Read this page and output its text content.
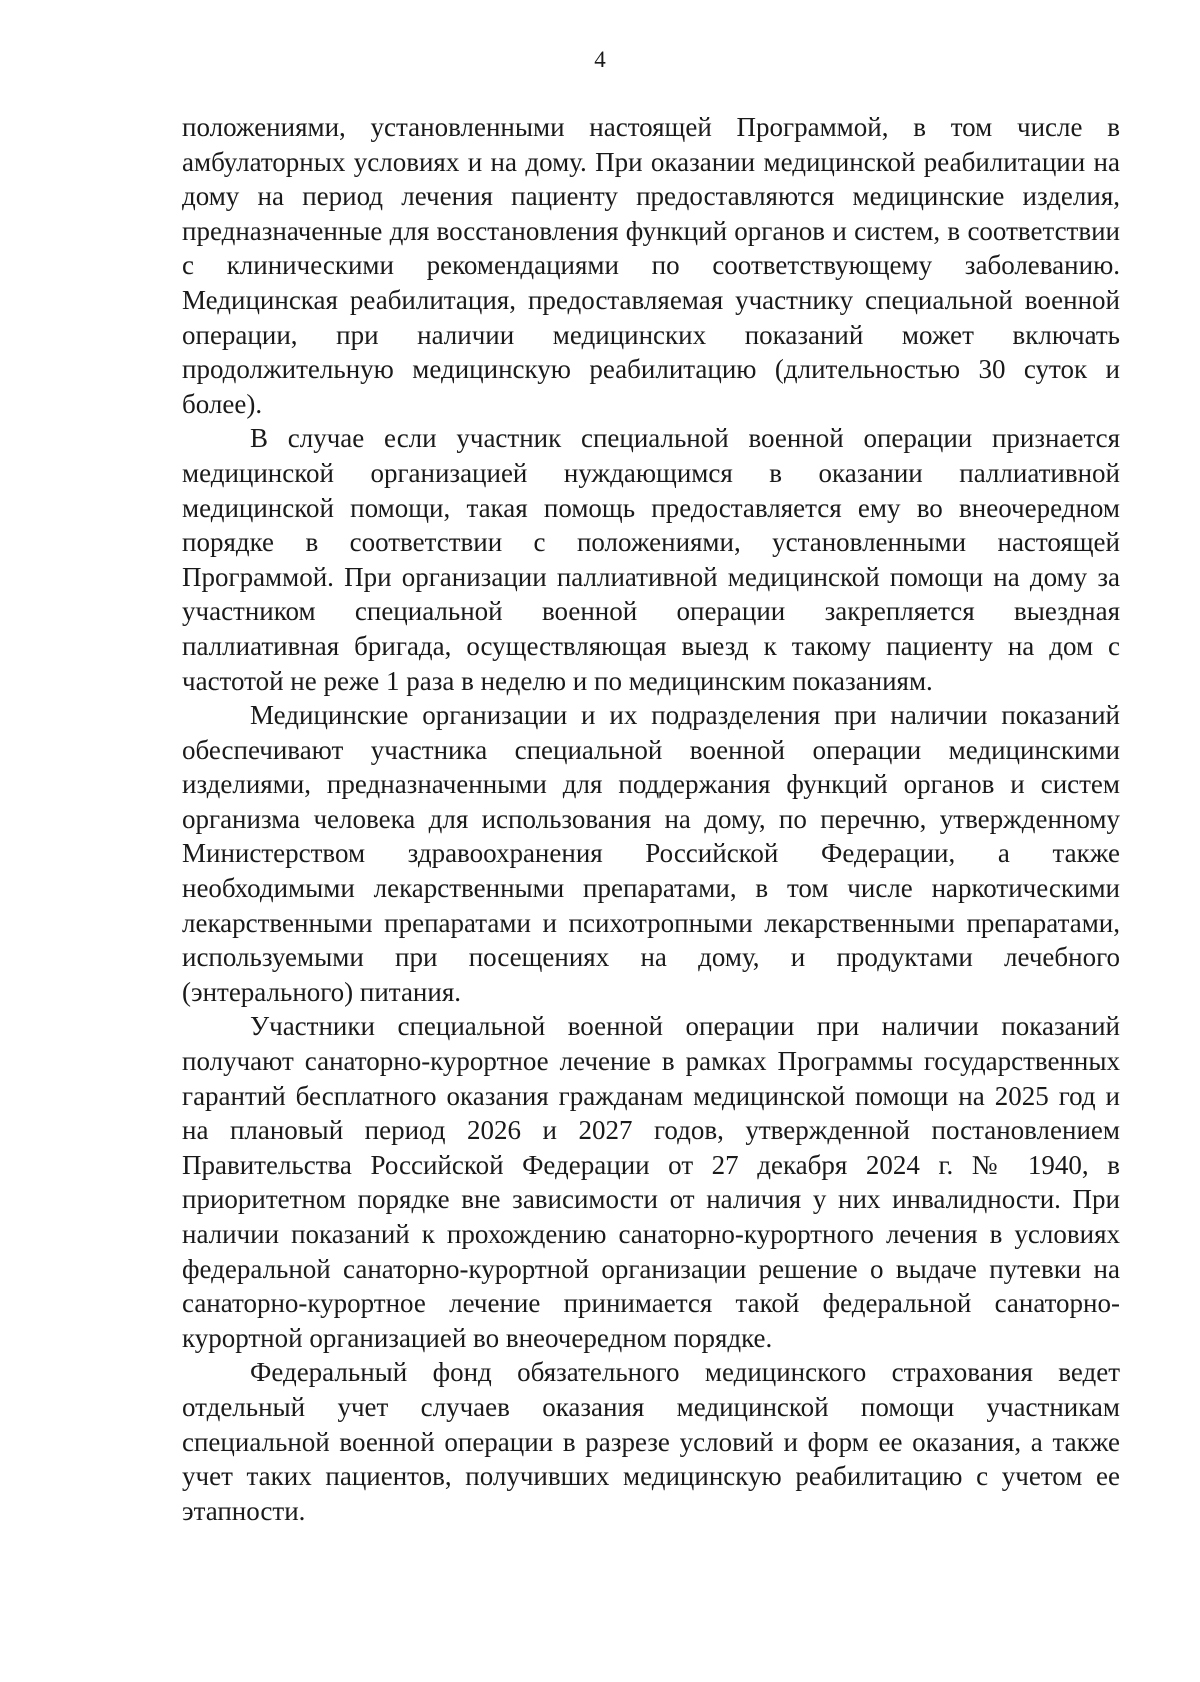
4

положениями, установленными настоящей Программой, в том числе в амбулаторных условиях и на дому. При оказании медицинской реабилитации на дому на период лечения пациенту предоставляются медицинские изделия, предназначенные для восстановления функций органов и систем, в соответствии с клиническими рекомендациями по соответствующему заболеванию. Медицинская реабилитация, предоставляемая участнику специальной военной операции, при наличии медицинских показаний может включать продолжительную медицинскую реабилитацию (длительностью 30 суток и более).

В случае если участник специальной военной операции признается медицинской организацией нуждающимся в оказании паллиативной медицинской помощи, такая помощь предоставляется ему во внеочередном порядке в соответствии с положениями, установленными настоящей Программой. При организации паллиативной медицинской помощи на дому за участником специальной военной операции закрепляется выездная паллиативная бригада, осуществляющая выезд к такому пациенту на дом с частотой не реже 1 раза в неделю и по медицинским показаниям.

Медицинские организации и их подразделения при наличии показаний обеспечивают участника специальной военной операции медицинскими изделиями, предназначенными для поддержания функций органов и систем организма человека для использования на дому, по перечню, утвержденному Министерством здравоохранения Российской Федерации, а также необходимыми лекарственными препаратами, в том числе наркотическими лекарственными препаратами и психотропными лекарственными препаратами, используемыми при посещениях на дому, и продуктами лечебного (энтерального) питания.

Участники специальной военной операции при наличии показаний получают санаторно-курортное лечение в рамках Программы государственных гарантий бесплатного оказания гражданам медицинской помощи на 2025 год и на плановый период 2026 и 2027 годов, утвержденной постановлением Правительства Российской Федерации от 27 декабря 2024 г. № 1940, в приоритетном порядке вне зависимости от наличия у них инвалидности. При наличии показаний к прохождению санаторно-курортного лечения в условиях федеральной санаторно-курортной организации решение о выдаче путевки на санаторно-курортное лечение принимается такой федеральной санаторно-курортной организацией во внеочередном порядке.

Федеральный фонд обязательного медицинского страхования ведет отдельный учет случаев оказания медицинской помощи участникам специальной военной операции в разрезе условий и форм ее оказания, а также учет таких пациентов, получивших медицинскую реабилитацию с учетом ее этапности.
